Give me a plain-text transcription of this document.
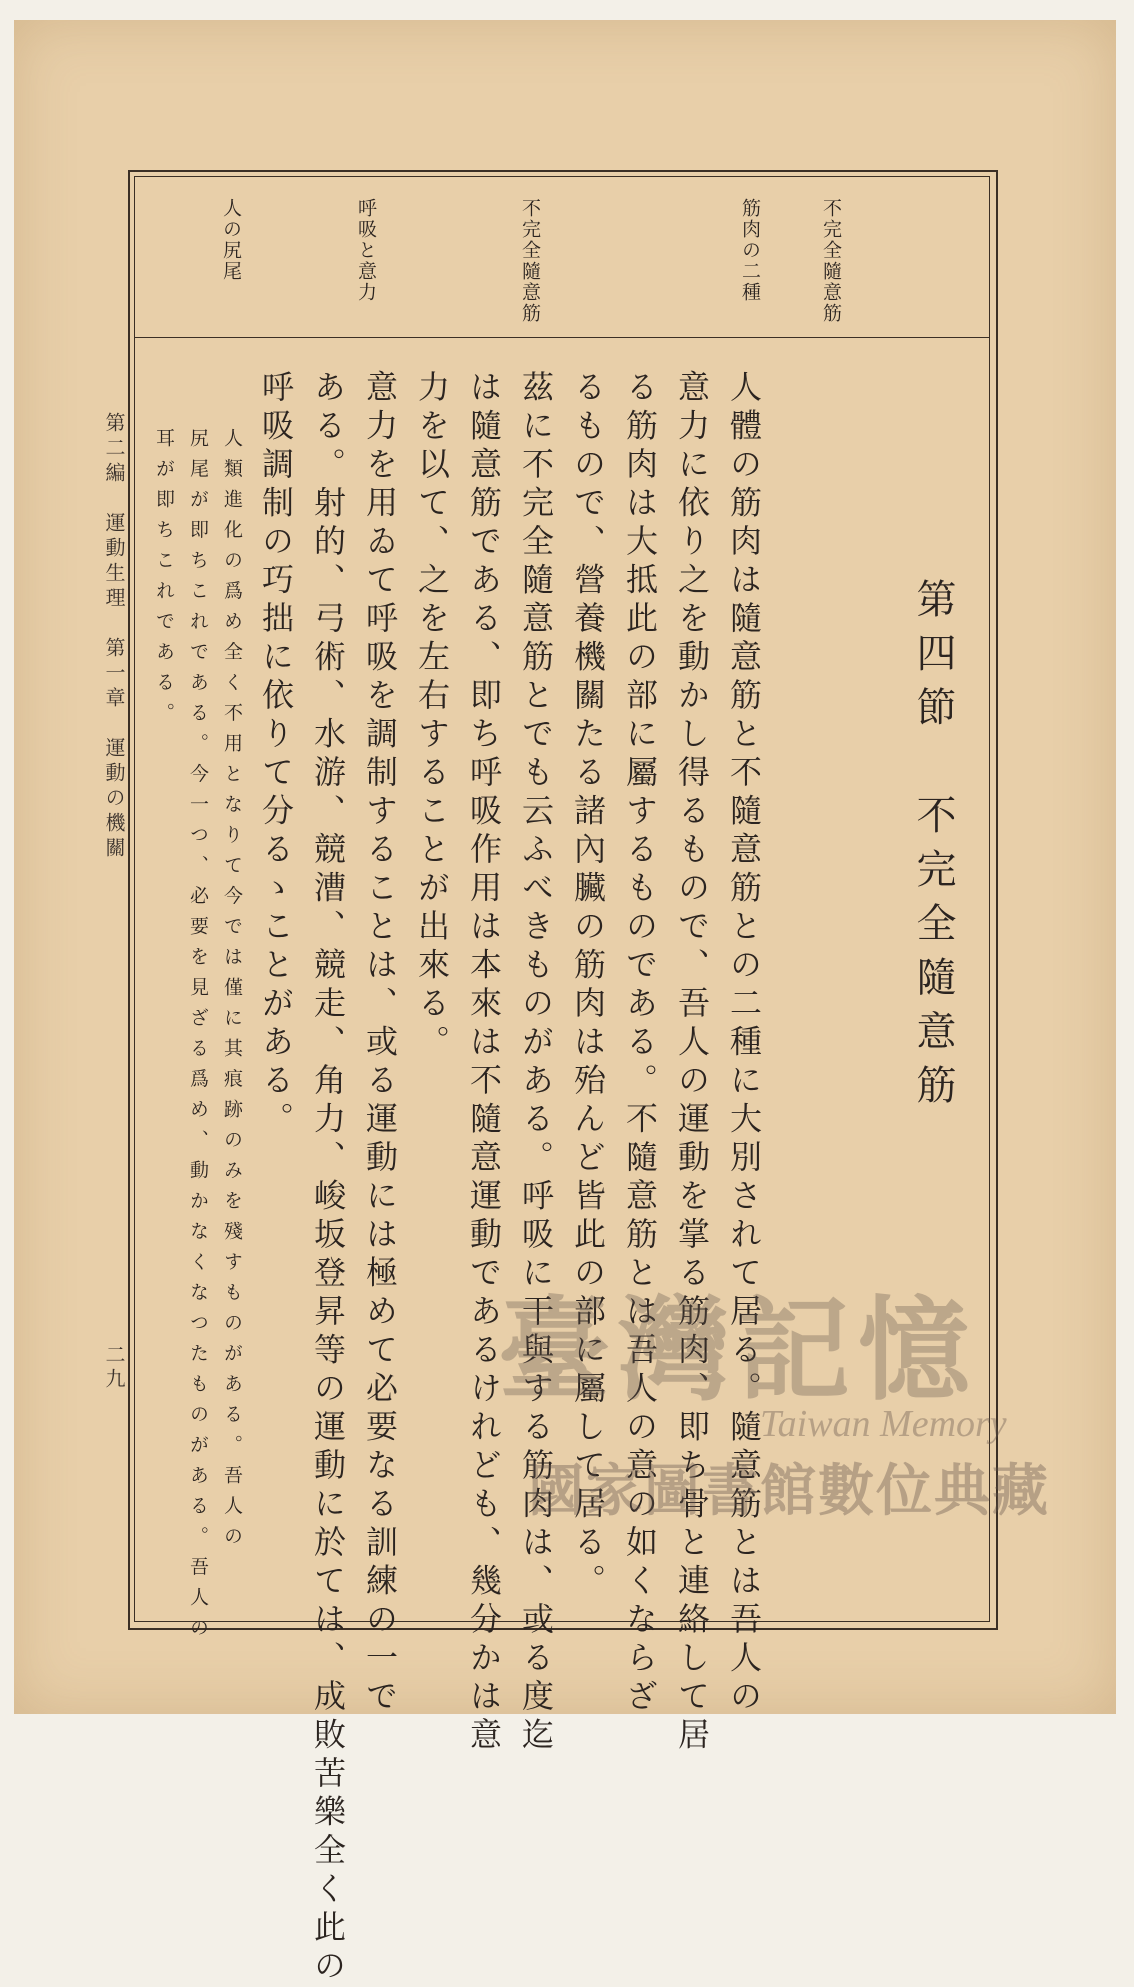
不完全隨意筋
筋肉の二種
不完全隨意筋
呼吸と意力
人の尻尾
第四節　不完全隨意筋
人體の筋肉は隨意筋と不隨意筋との二種に大別されて居る。隨意筋とは吾人の
意力に依り之を動かし得るもので、吾人の運動を掌る筋肉、即ち骨と連絡して居
る筋肉は大抵此の部に屬するものである。不隨意筋とは吾人の意の如くならざ
るもので、營養機關たる諸內臟の筋肉は殆んど皆此の部に屬して居る。
茲に不完全隨意筋とでも云ふべきものがある。呼吸に干與する筋肉は、或る度迄
は隨意筋である、即ち呼吸作用は本來は不隨意運動であるけれども、幾分かは意
力を以て、之を左右することが出來る。
意力を用ゐて呼吸を調制することは、或る運動には極めて必要なる訓練の一で
ある。射的、弓術、水游、競漕、競走、角力、峻坂登昇等の運動に於ては、成敗苦樂全く此の
呼吸調制の巧拙に依りて分るゝことがある。
人類進化の爲め全く不用となりて今では僅に其痕跡のみを殘すものがある。吾人の
尻尾が即ちこれである。今一つ、必要を見ざる爲め、動かなくなつたものがある。吾人の
耳が即ちこれである。
第二編　運動生理　第一章　運動の機關
二九	臺灣記憶
Taiwan Memory
國家圖書館數位典藏
